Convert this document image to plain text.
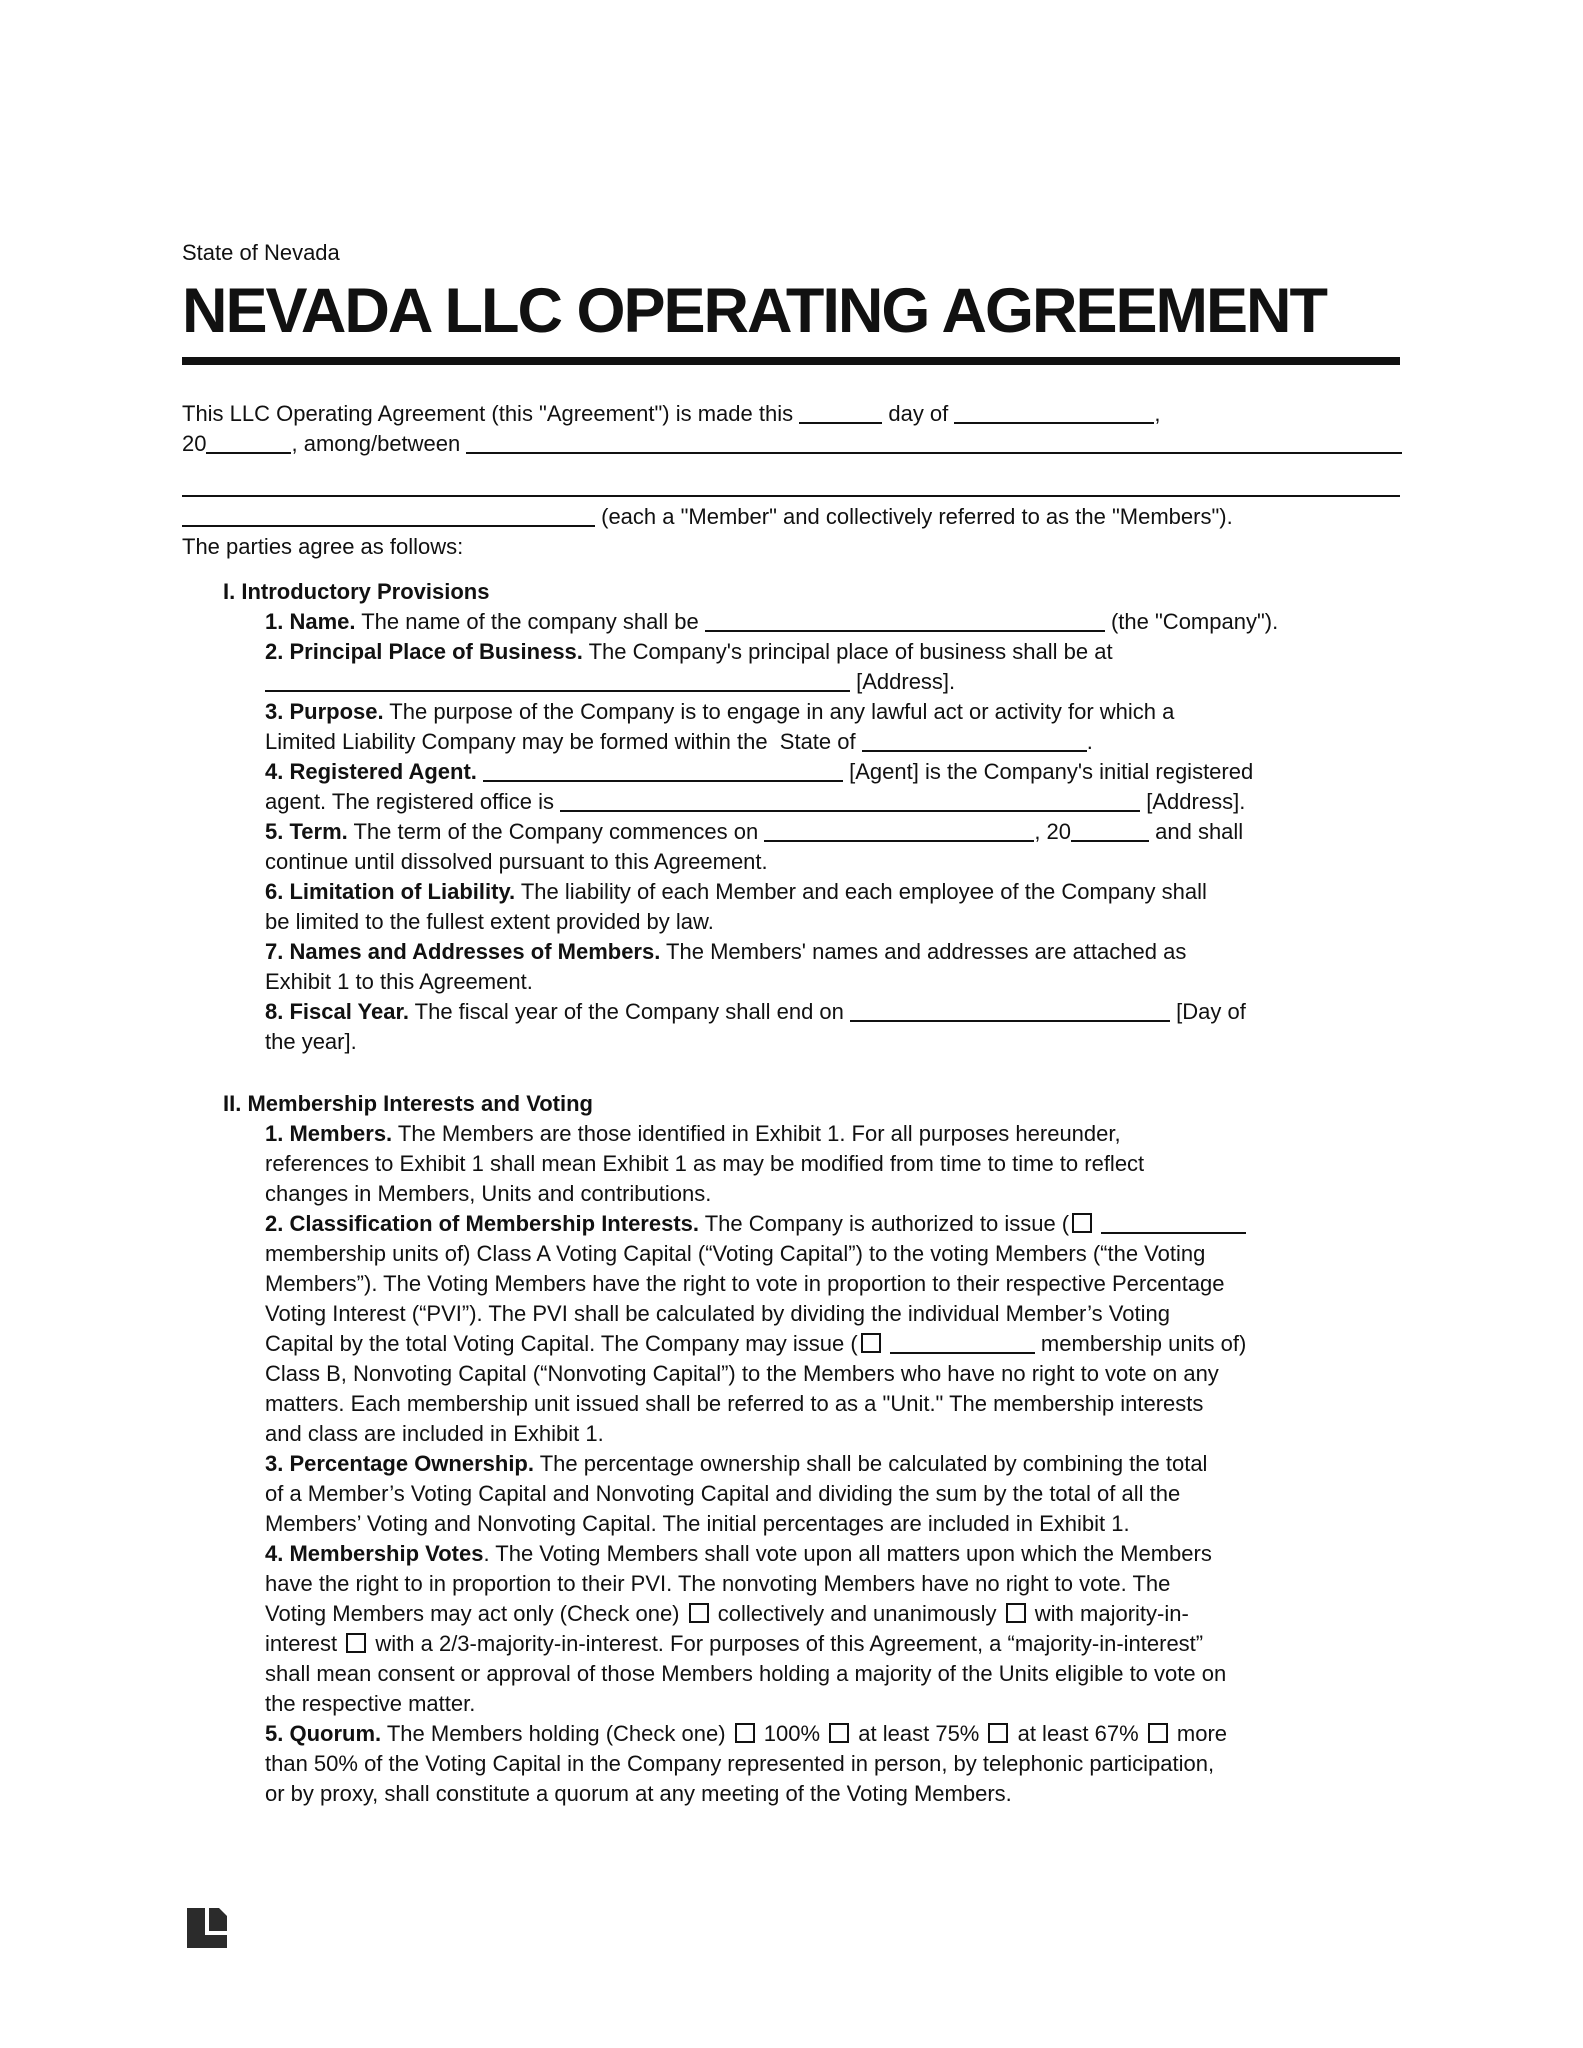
State of Nevada
NEVADA LLC OPERATING AGREEMENT
This LLC Operating Agreement (this "Agreement") is made this	day of	,
20	, among/between
(each a "Member" and collectively referred to as the "Members").
The parties agree as follows:
I. Introductory Provisions
1. Name. The name of the company shall be	(the "Company").
2. Principal Place of Business. The Company's principal place of business shall be at
[Address].
3. Purpose. The purpose of the Company is to engage in any lawful act or activity for which a
Limited Liability Company may be formed within the  State of	.
4. Registered Agent.	[Agent] is the Company's initial registered
agent. The registered office is	[Address].
5. Term. The term of the Company commences on	, 20	and shall
continue until dissolved pursuant to this Agreement.
6. Limitation of Liability. The liability of each Member and each employee of the Company shall
be limited to the fullest extent provided by law.
7. Names and Addresses of Members. The Members' names and addresses are attached as
Exhibit 1 to this Agreement.
8. Fiscal Year. The fiscal year of the Company shall end on	[Day of
the year].
II. Membership Interests and Voting
1. Members. The Members are those identified in Exhibit 1. For all purposes hereunder,
references to Exhibit 1 shall mean Exhibit 1 as may be modified from time to time to reflect
changes in Members, Units and contributions.
2. Classification of Membership Interests. The Company is authorized to issue (
membership units of) Class A Voting Capital (“Voting Capital”) to the voting Members (“the Voting
Members”). The Voting Members have the right to vote in proportion to their respective Percentage
Voting Interest (“PVI”). The PVI shall be calculated by dividing the individual Member’s Voting
Capital by the total Voting Capital. The Company may issue (	membership units of)
Class B, Nonvoting Capital (“Nonvoting Capital”) to the Members who have no right to vote on any
matters. Each membership unit issued shall be referred to as a "Unit." The membership interests
and class are included in Exhibit 1.
3. Percentage Ownership. The percentage ownership shall be calculated by combining the total
of a Member’s Voting Capital and Nonvoting Capital and dividing the sum by the total of all the
Members’ Voting and Nonvoting Capital. The initial percentages are included in Exhibit 1.
4. Membership Votes. The Voting Members shall vote upon all matters upon which the Members
have the right to in proportion to their PVI. The nonvoting Members have no right to vote. The
Voting Members may act only (Check one)  collectively and unanimously  with majority-in-
interest  with a 2/3-majority-in-interest. For purposes of this Agreement, a “majority-in-interest”
shall mean consent or approval of those Members holding a majority of the Units eligible to vote on
the respective matter.
5. Quorum. The Members holding (Check one)  100%  at least 75%  at least 67%  more
than 50% of the Voting Capital in the Company represented in person, by telephonic participation,
or by proxy, shall constitute a quorum at any meeting of the Voting Members.
